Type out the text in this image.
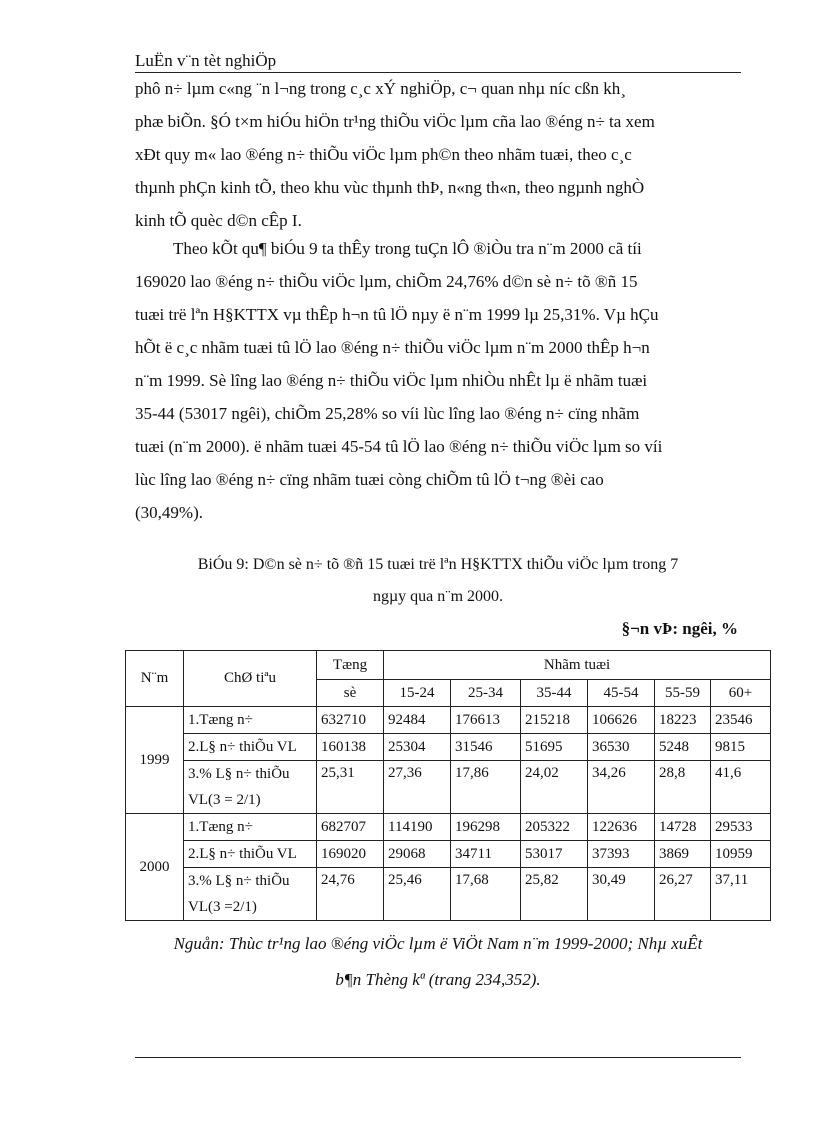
LuËn v¨n tèt nghiÖp
phô n÷ lµm c«ng ¨n l¬ng trong c¸c xÝ nghiÖp, c¬ quan nhµ níc cßn kh¸
phæ biÕn. §Ó t×m hiÓu hiÖn tr¹ng thiÕu viÖc lµm cña lao ®éng n÷ ta xem
xÐt quy m« lao ®éng n÷ thiÕu viÖc lµm ph©n theo nhãm tuæi, theo c¸c
thµnh phÇn kinh tÕ, theo khu vùc thµnh thÞ, n«ng th«n, theo ngµnh nghÒ
kinh tÕ quèc d©n cÊp I.
Theo kÕt qu¶ biÓu 9 ta thÊy trong tuÇn lÔ ®iÒu tra n¨m 2000 cã tíi
169020 lao ®éng n÷ thiÕu viÖc lµm, chiÕm 24,76% d©n sè n÷ tõ ®ñ 15
tuæi trë lªn H§KTTX vµ thÊp h¬n tû lÖ nµy ë n¨m 1999 lµ 25,31%. Vµ hÇu
hÕt ë c¸c nhãm tuæi tû lÖ lao ®éng n÷ thiÕu viÖc lµm n¨m 2000 thÊp h¬n
n¨m 1999. Sè lîng lao ®éng n÷ thiÕu viÖc lµm nhiÒu nhÊt lµ ë nhãm tuæi
35-44 (53017 ngêi), chiÕm 25,28% so víi lùc lîng lao ®éng n÷ cïng nhãm
tuæi (n¨m 2000). ë nhãm tuæi 45-54 tû lÖ lao ®éng n÷ thiÕu viÖc lµm so víi
lùc lîng lao ®éng n÷ cïng nhãm tuæi còng chiÕm tû lÖ t¬ng ®èi cao
(30,49%).
BiÓu 9: D©n sè n÷ tõ ®ñ 15 tuæi trë lªn H§KTTX thiÕu viÖc lµm trong 7
ngµy qua n¨m 2000.
§¬n vÞ: ngêi, %
N¨m	ChØ tiªu	Tæng	Nhãm tuæi					
		sè	15-24	25-34	35-44	45-54	55-59	60+
1999	1.Tæng n÷	632710	92484	176613	215218	106626	18223	23546
	2.L§ n÷ thiÕu VL	160138	25304	31546	51695	36530	5248	9815
	3.% L§ n÷ thiÕu	25,31	27,36	17,86	24,02	34,26	28,8	41,6
	VL(3 = 2/1)							
2000	1.Tæng n÷	682707	114190	196298	205322	122636	14728	29533
	2.L§ n÷ thiÕu VL	169020	29068	34711	53017	37393	3869	10959
	3.% L§ n÷ thiÕu	24,76	25,46	17,68	25,82	30,49	26,27	37,11
	VL(3 =2/1)							
Nguån: Thùc tr¹ng lao ®éng viÖc lµm ë ViÖt Nam n¨m 1999-2000; Nhµ xuÊt
b¶n Thèng kª (trang 234,352).
